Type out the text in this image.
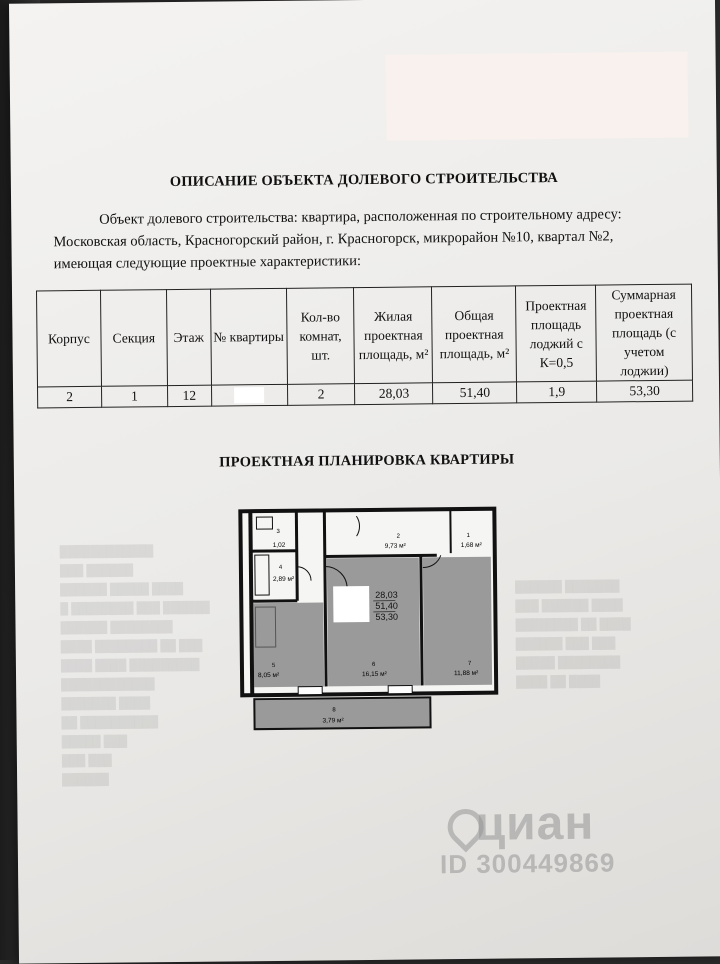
████████████
███ ██████
██████ █████ ████
█ ████████ ███ ██████
██████ ████████
████ ████████ ██ ███
████ ████ █████████
████████████
███████ ████
██ ██████████
█████ ███
███ ███
██████
██████ ███████
███ ██████ ████
████████ ██ ████
██████ ███ ███
█████ ████████
████ ██ ████
ОПИСАНИЕ ОБЪЕКТА ДОЛЕВОГО СТРОИТЕЛЬСТВА
Объект долевого строительства: квартира, расположенная по строительному адресу:
Московская область, Красногорский район, г. Красногорск, микрорайон №10, квартал №2,
имеющая следующие проектные характеристики:
Корпус	Секция	Этаж	№ квартиры	Кол-во комнат, шт.	Жилая проектная площадь, м²	Общая проектная площадь, м²	Проектная площадь лоджий с К=0,5	Суммарная проектная площадь (с учетом лоджии)
2	1	12		2	28,03	51,40	1,9	53,30
ПРОЕКТНАЯ ПЛАНИРОВКА КВАРТИРЫ
28,03
51,40
53,30
1
1,68 м²
2
9,73 м²
3
1,02
4
2,89 м²
5
8,05 м²
6
16,15 м²
7
11,88 м²
8
3,79 м²
циан
ID 300449869
